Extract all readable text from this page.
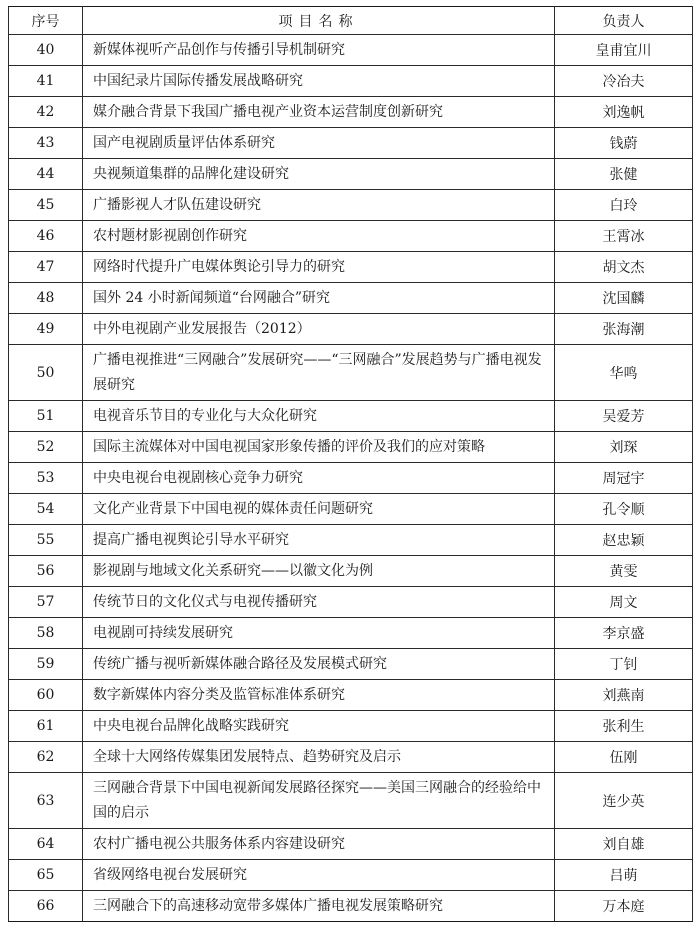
序号	项目名称	负责人
40	新媒体视听产品创作与传播引导机制研究	皇甫宜川
41	中国纪录片国际传播发展战略研究	冷冶夫
42	媒介融合背景下我国广播电视产业资本运营制度创新研究	刘逸帆
43	国产电视剧质量评估体系研究	钱蔚
44	央视频道集群的品牌化建设研究	张健
45	广播影视人才队伍建设研究	白玲
46	农村题材影视剧创作研究	王霄冰
47	网络时代提升广电媒体舆论引导力的研究	胡文杰
48	国外 24 小时新闻频道“台网融合”研究	沈国麟
49	中外电视剧产业发展报告（2012）	张海潮
50	广播电视推进“三网融合”发展研究——“三网融合”发展趋势与广播电视发展研究	华鸣
51	电视音乐节目的专业化与大众化研究	吴爱芳
52	国际主流媒体对中国电视国家形象传播的评价及我们的应对策略	刘琛
53	中央电视台电视剧核心竞争力研究	周冠宇
54	文化产业背景下中国电视的媒体责任问题研究	孔令顺
55	提高广播电视舆论引导水平研究	赵忠颖
56	影视剧与地域文化关系研究——以徽文化为例	黄雯
57	传统节日的文化仪式与电视传播研究	周文
58	电视剧可持续发展研究	李京盛
59	传统广播与视听新媒体融合路径及发展模式研究	丁钊
60	数字新媒体内容分类及监管标准体系研究	刘燕南
61	中央电视台品牌化战略实践研究	张利生
62	全球十大网络传媒集团发展特点、趋势研究及启示	伍刚
63	三网融合背景下中国电视新闻发展路径探究——美国三网融合的经验给中国的启示	连少英
64	农村广播电视公共服务体系内容建设研究	刘自雄
65	省级网络电视台发展研究	吕萌
66	三网融合下的高速移动宽带多媒体广播电视发展策略研究	万本庭
